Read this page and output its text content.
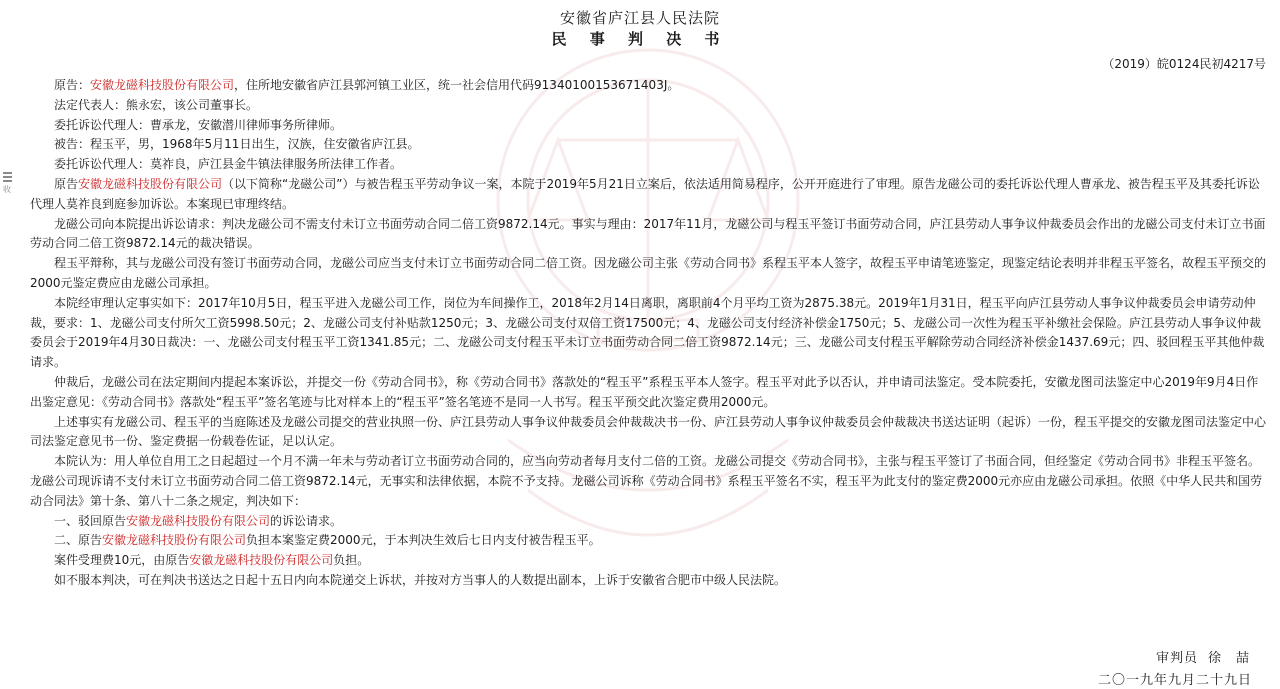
收
安徽省庐江县人民法院
民 事 判 决 书
（2019）皖0124民初4217号

原告：安徽龙磁科技股份有限公司，住所地安徽省庐江县郭河镇工业区，统一社会信用代码91340100153671403J。

法定代表人：熊永宏，该公司董事长。

委托诉讼代理人：曹承龙，安徽潜川律师事务所律师。

被告：程玉平，男，1968年5月11日出生，汉族，住安徽省庐江县。

委托诉讼代理人：莫祚良，庐江县金牛镇法律服务所法律工作者。

原告安徽龙磁科技股份有限公司（以下简称“龙磁公司”）与被告程玉平劳动争议一案，本院于2019年5月21日立案后，依法适用简易程序，公开开庭进行了审理。原告龙磁公司的委托诉讼代理人曹承龙、被告程玉平及其委托诉讼代理人莫祚良到庭参加诉讼。本案现已审理终结。

龙磁公司向本院提出诉讼请求：判决龙磁公司不需支付未订立书面劳动合同二倍工资9872.14元。事实与理由：2017年11月，龙磁公司与程玉平签订书面劳动合同，庐江县劳动人事争议仲裁委员会作出的龙磁公司支付未订立书面劳动合同二倍工资9872.14元的裁决错误。

程玉平辩称，其与龙磁公司没有签订书面劳动合同，龙磁公司应当支付未订立书面劳动合同二倍工资。因龙磁公司主张《劳动合同书》系程玉平本人签字，故程玉平申请笔迹鉴定，现鉴定结论表明并非程玉平签名，故程玉平预交的2000元鉴定费应由龙磁公司承担。

本院经审理认定事实如下：2017年10月5日，程玉平进入龙磁公司工作，岗位为车间操作工，2018年2月14日离职，离职前4个月平均工资为2875.38元。2019年1月31日，程玉平向庐江县劳动人事争议仲裁委员会申请劳动仲裁，要求：1、龙磁公司支付所欠工资5998.50元；2、龙磁公司支付补贴款1250元；3、龙磁公司支付双倍工资17500元；4、龙磁公司支付经济补偿金1750元；5、龙磁公司一次性为程玉平补缴社会保险。庐江县劳动人事争议仲裁委员会于2019年4月30日裁决：一、龙磁公司支付程玉平工资1341.85元；二、龙磁公司支付程玉平未订立书面劳动合同二倍工资9872.14元；三、龙磁公司支付程玉平解除劳动合同经济补偿金1437.69元；四、驳回程玉平其他仲裁请求。

仲裁后，龙磁公司在法定期间内提起本案诉讼，并提交一份《劳动合同书》，称《劳动合同书》落款处的“程玉平”系程玉平本人签字。程玉平对此予以否认，并申请司法鉴定。受本院委托，安徽龙图司法鉴定中心2019年9月4日作出鉴定意见：《劳动合同书》落款处“程玉平”签名笔迹与比对样本上的“程玉平”签名笔迹不是同一人书写。程玉平预交此次鉴定费用2000元。

上述事实有龙磁公司、程玉平的当庭陈述及龙磁公司提交的营业执照一份、庐江县劳动人事争议仲裁委员会仲裁裁决书一份、庐江县劳动人事争议仲裁委员会仲裁裁决书送达证明（起诉）一份，程玉平提交的安徽龙图司法鉴定中心司法鉴定意见书一份、鉴定费据一份载卷佐证，足以认定。

本院认为：用人单位自用工之日起超过一个月不满一年未与劳动者订立书面劳动合同的，应当向劳动者每月支付二倍的工资。龙磁公司提交《劳动合同书》，主张与程玉平签订了书面合同，但经鉴定《劳动合同书》非程玉平签名。龙磁公司现诉请不支付未订立书面劳动合同二倍工资9872.14元，无事实和法律依据，本院不予支持。龙磁公司诉称《劳动合同书》系程玉平签名不实，程玉平为此支付的鉴定费2000元亦应由龙磁公司承担。依照《中华人民共和国劳动合同法》第十条、第八十二条之规定，判决如下：

一、驳回原告安徽龙磁科技股份有限公司的诉讼请求。

二、原告安徽龙磁科技股份有限公司负担本案鉴定费2000元，于本判决生效后七日内支付被告程玉平。

案件受理费10元，由原告安徽龙磁科技股份有限公司负担。

如不服本判决，可在判决书送达之日起十五日内向本院递交上诉状，并按对方当事人的人数提出副本，上诉于安徽省合肥市中级人民法院。

审判员 徐　喆
二〇一九年九月二十九日
